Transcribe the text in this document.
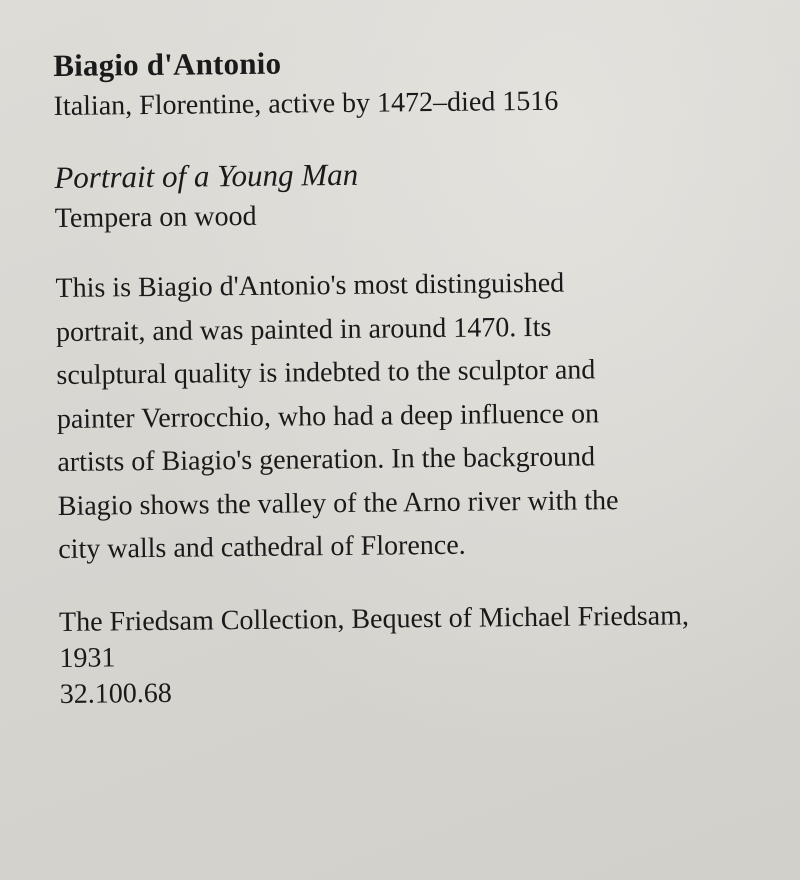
Biagio d'Antonio

Italian, Florentine, active by 1472–died 1516

Portrait of a Young Man

Tempera on wood

This is Biagio d'Antonio's most distinguished
portrait, and was painted in around 1470. Its
sculptural quality is indebted to the sculptor and
painter Verrocchio, who had a deep influence on
artists of Biagio's generation. In the background
Biagio shows the valley of the Arno river with the
city walls and cathedral of Florence.

The Friedsam Collection, Bequest of Michael Friedsam,
1931
32.100.68
